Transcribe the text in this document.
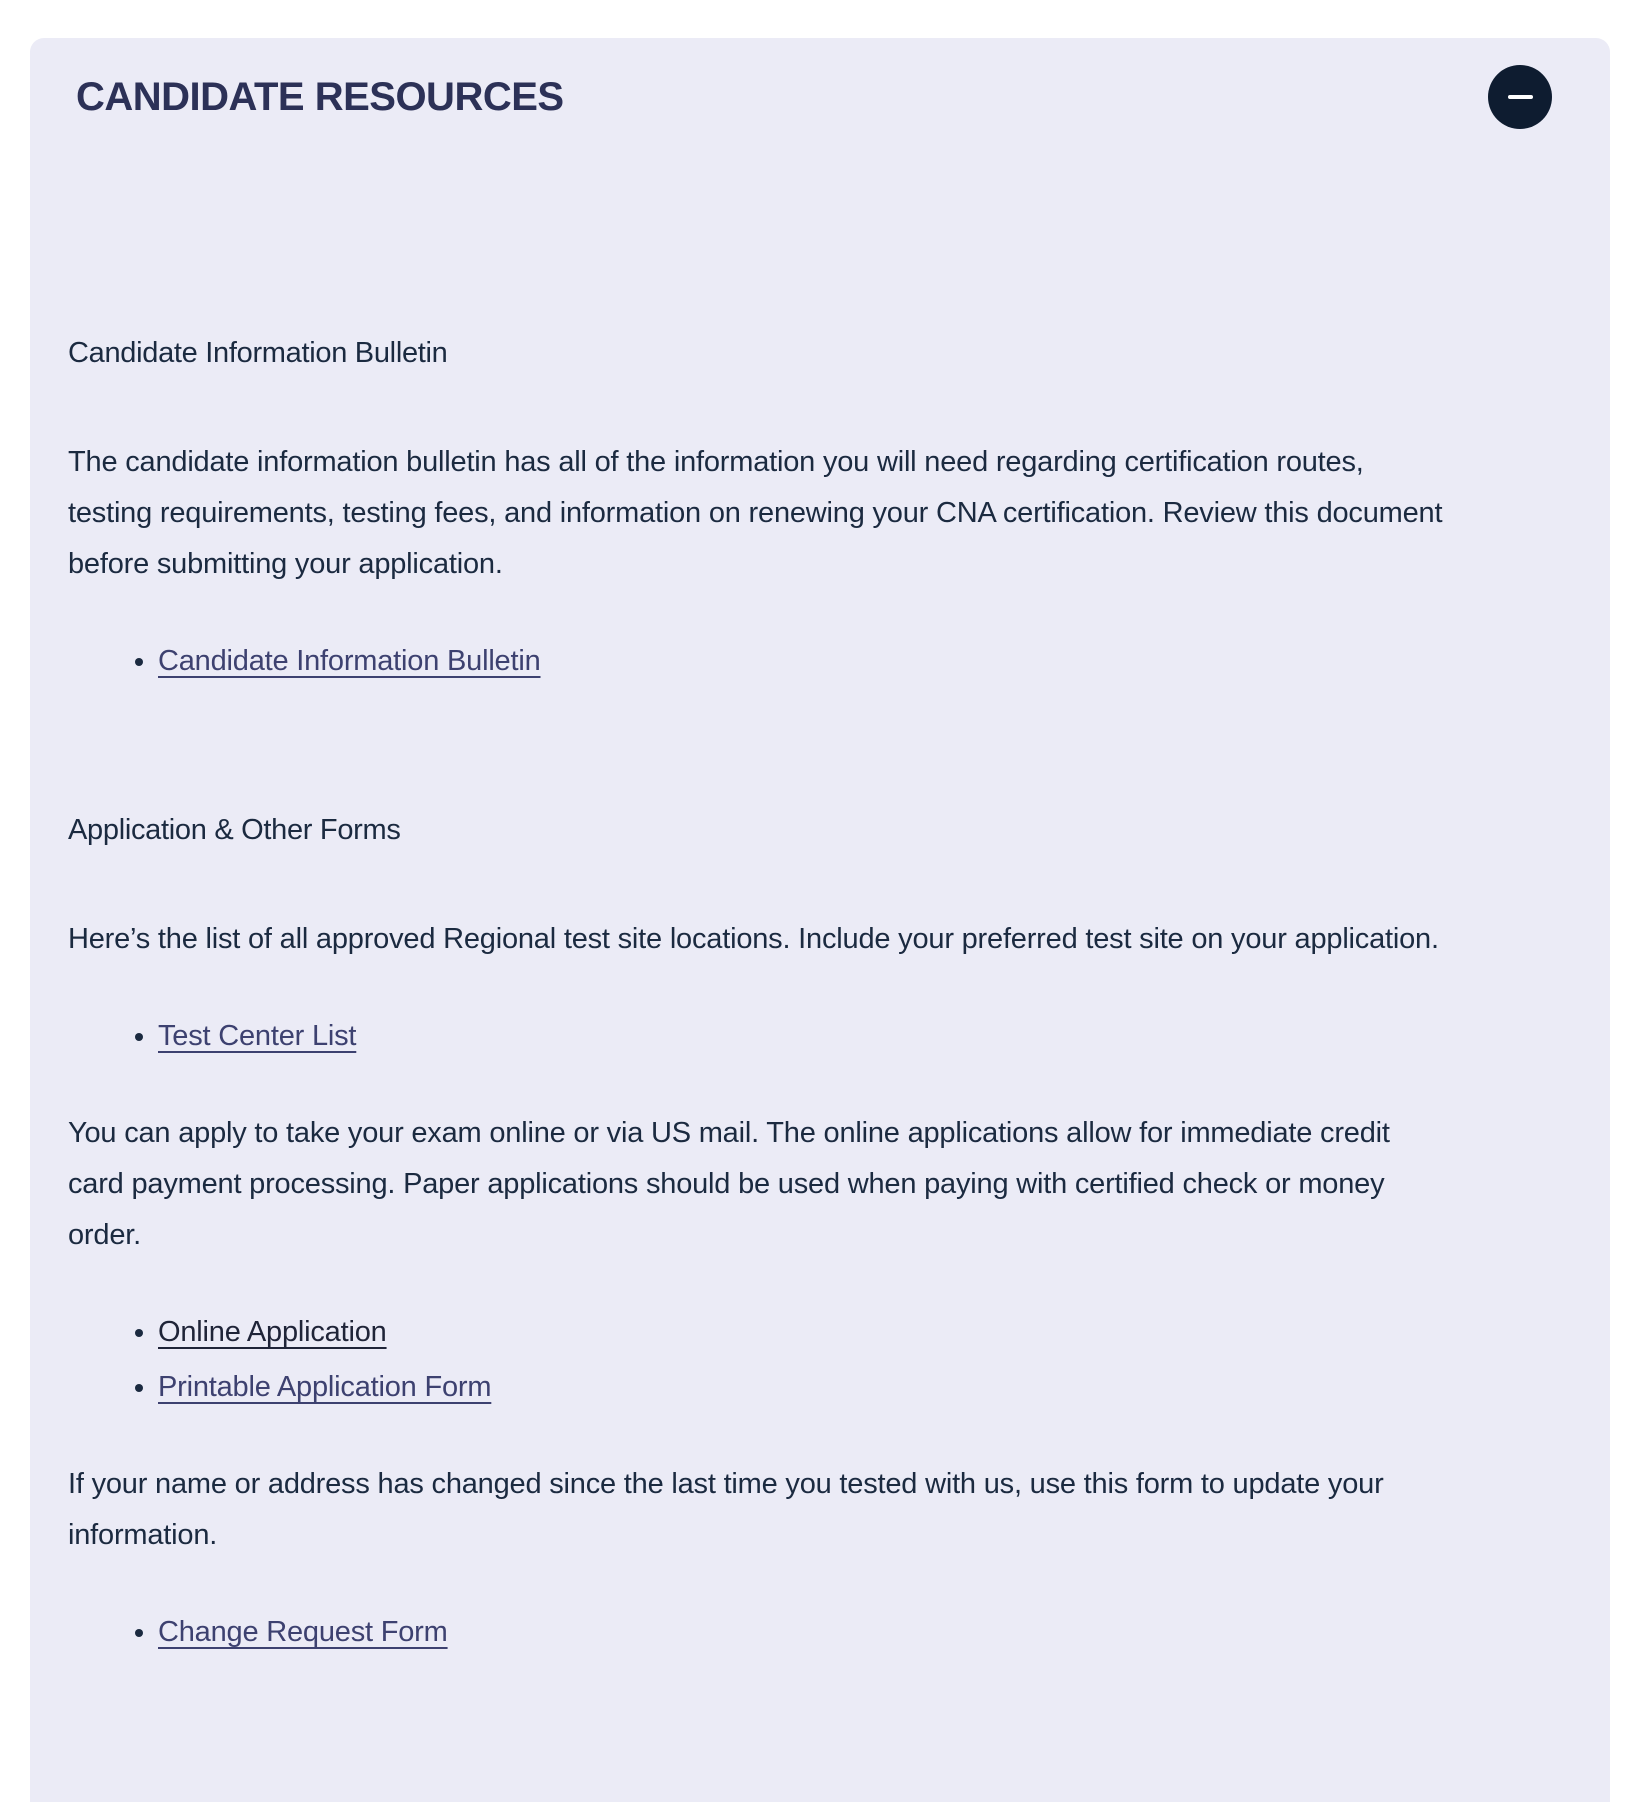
CANDIDATE RESOURCES
Candidate Information Bulletin

The candidate information bulletin has all of the information you will need regarding certification routes, testing requirements, testing fees, and information on renewing your CNA certification. Review this document before submitting your application.

• Candidate Information Bulletin
Application & Other Forms

Here’s the list of all approved Regional test site locations. Include your preferred test site on your application.

• Test Center List

You can apply to take your exam online or via US mail. The online applications allow for immediate credit card payment processing. Paper applications should be used when paying with certified check or money order.

• Online Application
• Printable Application Form

If your name or address has changed since the last time you tested with us, use this form to update your information.

• Change Request Form
